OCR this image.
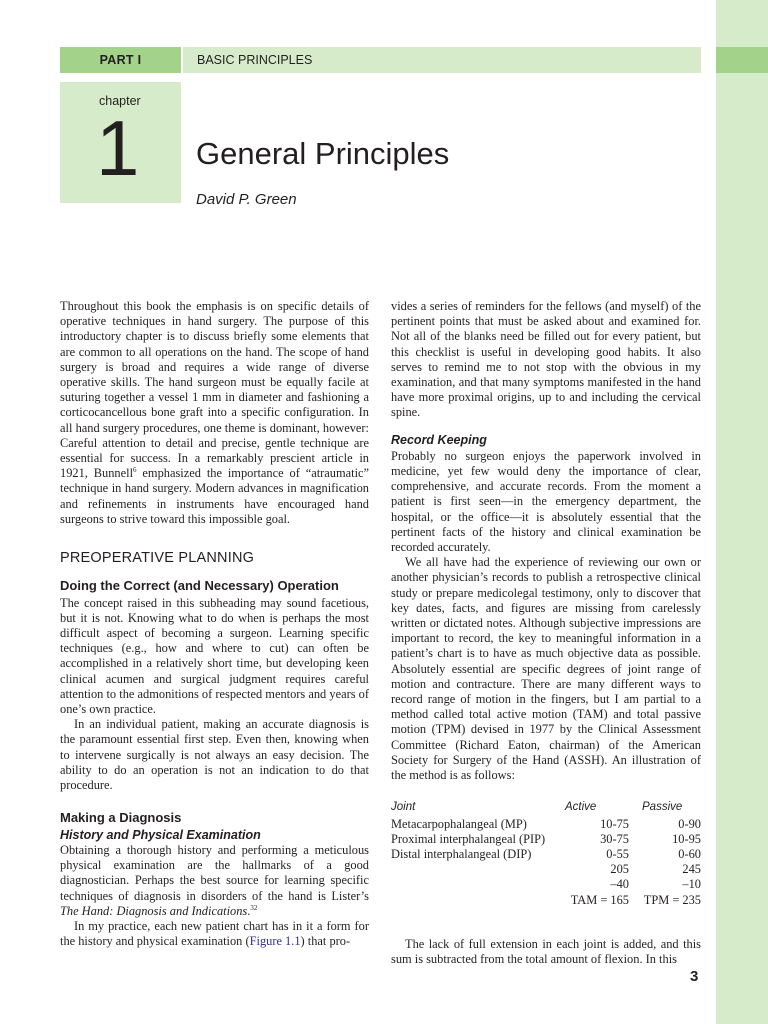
PART I	BASIC PRINCIPLES
chapter
1 General Principles
David P. Green

Throughout this book the emphasis is on specific details of operative techniques in hand surgery. The purpose of this introductory chapter is to discuss briefly some elements that are common to all operations on the hand. The scope of hand surgery is broad and requires a wide range of diverse operative skills. The hand surgeon must be equally facile at suturing together a vessel 1 mm in diameter and fashioning a corticocancellous bone graft into a specific configuration. In all hand surgery procedures, one theme is dominant, however: Careful attention to detail and precise, gentle technique are essential for success. In a remarkably prescient article in 1921, Bunnell$^6$ emphasized the importance of “atraumatic” technique in hand surgery. Modern advances in magnification and refinements in instruments have encouraged hand surgeons to strive toward this impossible goal.

PREOPERATIVE PLANNING
Doing the Correct (and Necessary) Operation

The concept raised in this subheading may sound facetious, but it is not. Knowing what to do when is perhaps the most difficult aspect of becoming a surgeon. Learning specific techniques (e.g., how and where to cut) can often be accomplished in a relatively short time, but developing keen clinical acumen and surgical judgment requires careful attention to the admonitions of respected mentors and years of one’s own practice.

In an individual patient, making an accurate diagnosis is the paramount essential first step. Even then, knowing when to intervene surgically is not always an easy decision. The ability to do an operation is not an indication to do that procedure.

Making a Diagnosis
History and Physical Examination

Obtaining a thorough history and performing a meticulous physical examination are the hallmarks of a good diagnostician. Perhaps the best source for learning specific techniques of diagnosis in disorders of the hand is Lister’s The Hand: Diagnosis and Indications.$^{32}$

In my practice, each new patient chart has in it a form for the history and physical examination (Figure 1.1) that pro-

vides a series of reminders for the fellows (and myself) of the pertinent points that must be asked about and examined for. Not all of the blanks need be filled out for every patient, but this checklist is useful in developing good habits. It also serves to remind me to not stop with the obvious in my examination, and that many symptoms manifested in the hand have more proximal origins, up to and including the cervical spine.

Record Keeping

Probably no surgeon enjoys the paperwork involved in medicine, yet few would deny the importance of clear, comprehensive, and accurate records. From the moment a patient is first seen—in the emergency department, the hospital, or the office—it is absolutely essential that the pertinent facts of the history and clinical examination be recorded accurately.

We all have had the experience of reviewing our own or another physician’s records to publish a retrospective clinical study or prepare medicolegal testimony, only to discover that key dates, facts, and figures are missing from carelessly written or dictated notes. Although subjective impressions are important to record, the key to meaningful information in a patient’s chart is to have as much objective data as possible. Absolutely essential are specific degrees of joint range of motion and contracture. There are many different ways to record range of motion in the fingers, but I am partial to a method called total active motion (TAM) and total passive motion (TPM) devised in 1977 by the Clinical Assessment Committee (Richard Eaton, chairman) of the American Society for Surgery of the Hand (ASSH). An illustration of the method is as follows:

Joint	Active	Passive
Metacarpophalangeal (MP)	10-75	0-90
Proximal interphalangeal (PIP)	30-75	10-95
Distal interphalangeal (DIP)	0-55	0-60
	205	245
	–40	–10
	TAM = 165	TPM = 235

The lack of full extension in each joint is added, and this sum is subtracted from the total amount of flexion. In this

3
